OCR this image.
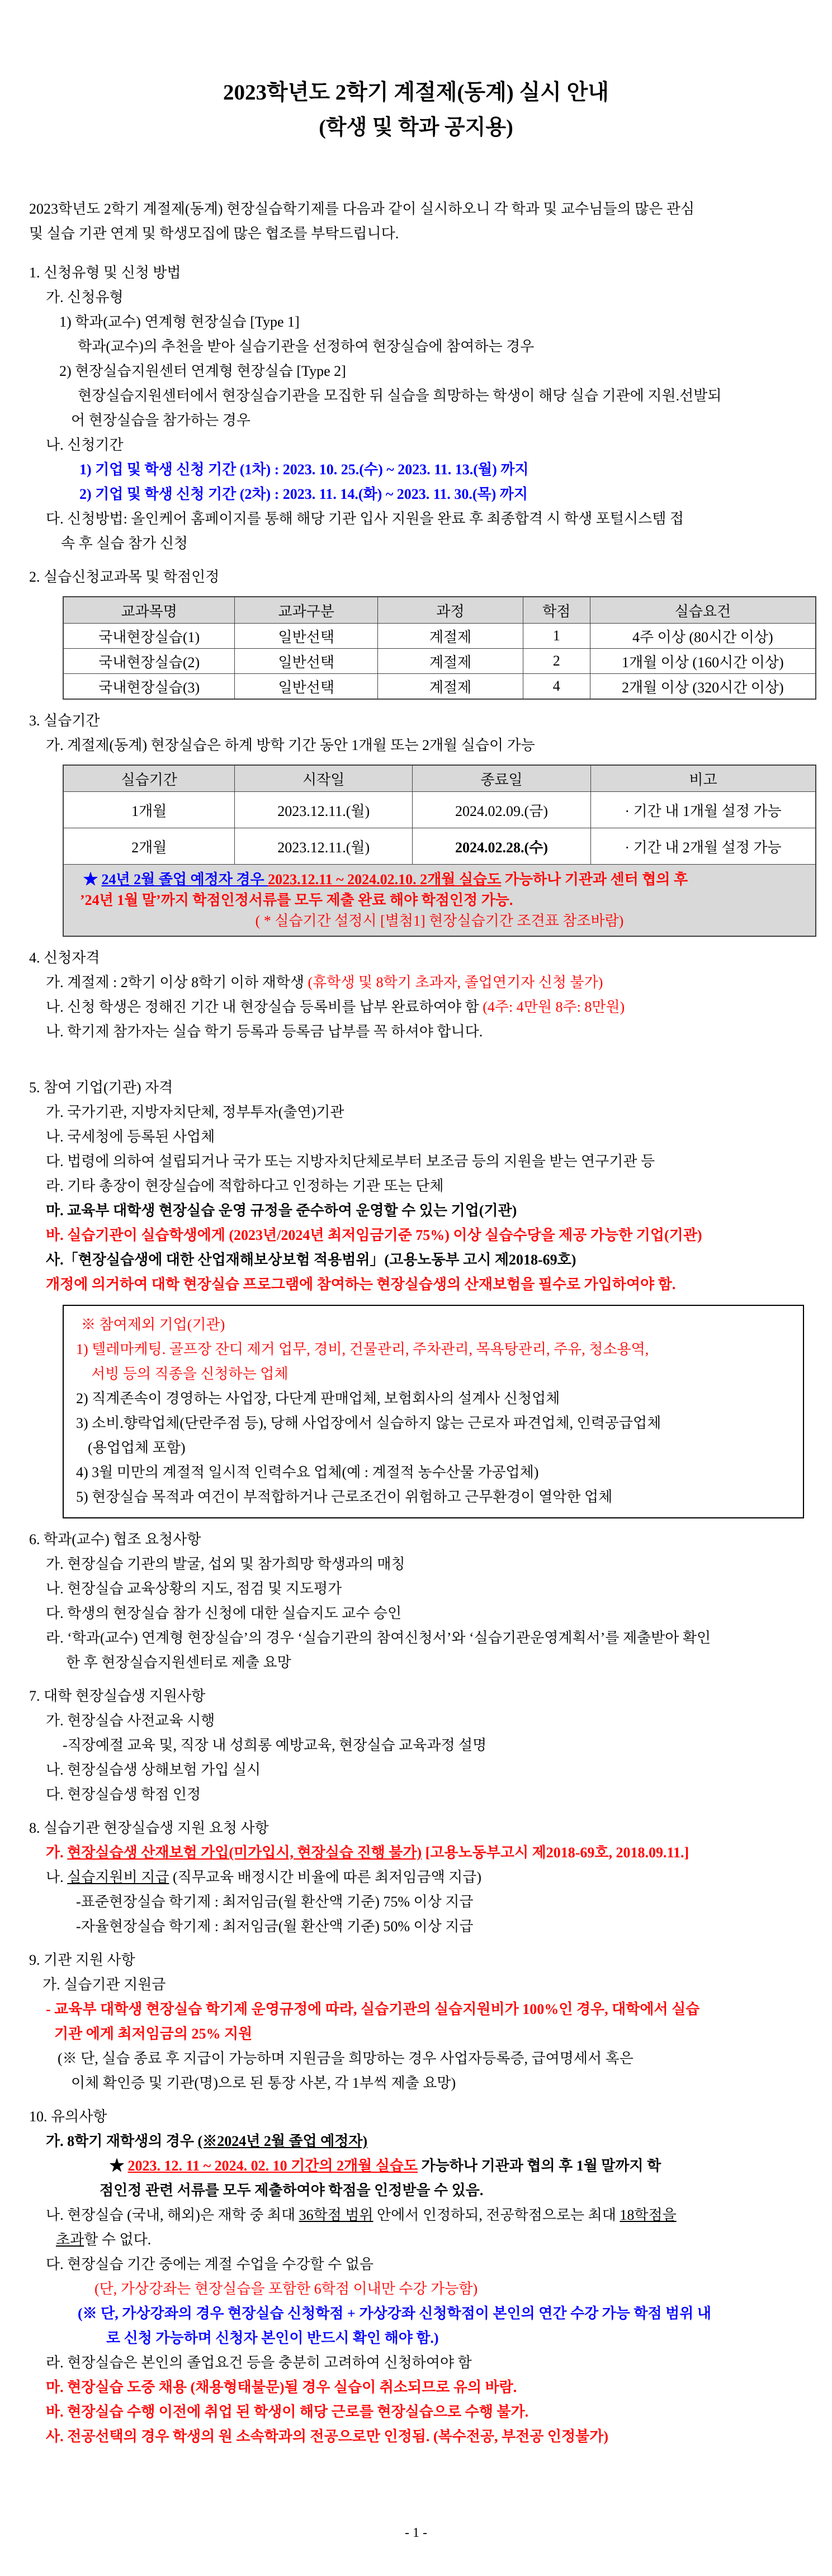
2023학년도 2학기 계절제(동계) 실시 안내
(학생 및 학과 공지용)
2023학년도 2학기 계절제(동계) 현장실습학기제를 다음과 같이 실시하오니 각 학과 및 교수님들의 많은 관심
및 실습 기관 연계 및 학생모집에 많은 협조를 부탁드립니다.
1. 신청유형 및 신청 방법
가. 신청유형
1) 학과(교수) 연계형 현장실습 [Type 1]
학과(교수)의 추천을 받아 실습기관을 선정하여 현장실습에 참여하는 경우
2) 현장실습지원센터 연계형 현장실습 [Type 2]
현장실습지원센터에서 현장실습기관을 모집한 뒤 실습을 희망하는 학생이 해당 실습 기관에 지원.선발되
어 현장실습을 참가하는 경우
나. 신청기간
1) 기업 및 학생 신청 기간 (1차) : 2023. 10. 25.(수) ~ 2023. 11. 13.(월) 까지
2) 기업 및 학생 신청 기간 (2차) : 2023. 11. 14.(화) ~ 2023. 11. 30.(목) 까지
다. 신청방법: 올인케어 홈페이지를 통해 해당 기관 입사 지원을 완료 후 최종합격 시 학생 포털시스템 접
속 후 실습 참가 신청
2. 실습신청교과목 및 학점인정
교과목명	교과구분	과정	학점	실습요건
국내현장실습(1)	일반선택	계절제	1	4주 이상 (80시간 이상)
국내현장실습(2)	일반선택	계절제	2	1개월 이상 (160시간 이상)
국내현장실습(3)	일반선택	계절제	4	2개월 이상 (320시간 이상)
3. 실습기간
가. 계절제(동계) 현장실습은 하계 방학 기간 동안 1개월 또는 2개월 실습이 가능
실습기간	시작일	종료일	비고
1개월	2023.12.11.(월)	2024.02.09.(금)	· 기간 내 1개월 설정 가능
2개월	2023.12.11.(월)	2024.02.28.(수)	· 기간 내 2개월 설정 가능

★ 24년 2월 졸업 예정자 경우 2023.12.11 ~ 2024.02.10. 2개월 실습도 가능하나 기관과 센터 협의 후
’24년 1월 말’까지 학점인정서류를 모두 제출 완료 해야 학점인정 가능.
( * 실습기간 설정시 [별첨1] 현장실습기간 조견표 참조바람)			
4. 신청자격
가. 계절제 : 2학기 이상 8학기 이하 재학생 (휴학생 및 8학기 초과자, 졸업연기자 신청 불가)
나. 신청 학생은 정해진 기간 내 현장실습 등록비를 납부 완료하여야 함 (4주: 4만원 8주: 8만원)
나. 학기제 참가자는 실습 학기 등록과 등록금 납부를 꼭 하셔야 합니다.
5. 참여 기업(기관) 자격
가. 국가기관, 지방자치단체, 정부투자(출연)기관
나. 국세청에 등록된 사업체
다. 법령에 의하여 설립되거나 국가 또는 지방자치단체로부터 보조금 등의 지원을 받는 연구기관 등
라. 기타 총장이 현장실습에 적합하다고 인정하는 기관 또는 단체
마. 교육부 대학생 현장실습 운영 규정을 준수하여 운영할 수 있는 기업(기관)
바. 실습기관이 실습학생에게 (2023년/2024년 최저임금기준 75%) 이상 실습수당을 제공 가능한 기업(기관)
사.「현장실습생에 대한 산업재해보상보험 적용범위」(고용노동부 고시 제2018-69호)
개정에 의거하여 대학 현장실습 프로그램에 참여하는 현장실습생의 산재보험을 필수로 가입하여야 함.
※ 참여제외 기업(기관)
1) 텔레마케팅. 골프장 잔디 제거 업무, 경비, 건물관리, 주차관리, 목욕탕관리, 주유, 청소용역,
서빙 등의 직종을 신청하는 업체
2) 직계존속이 경영하는 사업장, 다단계 판매업체, 보험회사의 설계사 신청업체
3) 소비.향락업체(단란주점 등), 당해 사업장에서 실습하지 않는 근로자 파견업체, 인력공급업체
(용업업체 포함)
4) 3월 미만의 계절적 일시적 인력수요 업체(예 : 계절적 농수산물 가공업체)
5) 현장실습 목적과 여건이 부적합하거나 근로조건이 위험하고 근무환경이 열악한 업체
6. 학과(교수) 협조 요청사항
가. 현장실습 기관의 발굴, 섭외 및 참가희망 학생과의 매칭
나. 현장실습 교육상황의 지도, 점검 및 지도평가
다. 학생의 현장실습 참가 신청에 대한 실습지도 교수 승인
라. ‘학과(교수) 연계형 현장실습’의 경우 ‘실습기관의 참여신청서’와 ‘실습기관운영계획서’를 제출받아 확인
한 후 현장실습지원센터로 제출 요망
7. 대학 현장실습생 지원사항
가. 현장실습 사전교육 시행
-직장예절 교육 및, 직장 내 성희롱 예방교육, 현장실습 교육과정 설명
나. 현장실습생 상해보험 가입 실시
다. 현장실습생 학점 인정
8. 실습기관 현장실습생 지원 요청 사항
가. 현장실습생 산재보험 가입(미가입시, 현장실습 진행 불가) [고용노동부고시 제2018-69호, 2018.09.11.]
나. 실습지원비 지급 (직무교육 배정시간 비율에 따른 최저임금액 지급)
-표준현장실습 학기제 : 최저임금(월 환산액 기준) 75% 이상 지급
-자율현장실습 학기제 : 최저임금(월 환산액 기준) 50% 이상 지급
9. 기관 지원 사항
가. 실습기관 지원금
- 교육부 대학생 현장실습 학기제 운영규정에 따라, 실습기관의 실습지원비가 100%인 경우, 대학에서 실습
기관 에게 최저임금의 25% 지원
(※ 단, 실습 종료 후 지급이 가능하며 지원금을 희망하는 경우 사업자등록증, 급여명세서 혹은
이체 확인증 및 기관(명)으로 된 통장 사본, 각 1부씩 제출 요망)
10. 유의사항
가. 8학기 재학생의 경우 (※2024년 2월 졸업 예정자)
★ 2023. 12. 11 ~ 2024. 02. 10 기간의 2개월 실습도 가능하나 기관과 협의 후 1월 말까지 학
점인정 관련 서류를 모두 제출하여야 학점을 인정받을 수 있음.
나. 현장실습 (국내, 해외)은 재학 중 최대 36학점 범위 안에서 인정하되, 전공학점으로는 최대 18학점을
초과할 수 없다.
다. 현장실습 기간 중에는 계절 수업을 수강할 수 없음
(단, 가상강좌는 현장실습을 포함한 6학점 이내만 수강 가능함)
(※ 단, 가상강좌의 경우 현장실습 신청학점 + 가상강좌 신청학점이 본인의 연간 수강 가능 학점 범위 내
로 신청 가능하며 신청자 본인이 반드시 확인 해야 함.)
라. 현장실습은 본인의 졸업요건 등을 충분히 고려하여 신청하여야 함
마. 현장실습 도중 채용 (채용형태불문)될 경우 실습이 취소되므로 유의 바람.
바. 현장실습 수행 이전에 취업 된 학생이 해당 근로를 현장실습으로 수행 불가.
사. 전공선택의 경우 학생의 원 소속학과의 전공으로만 인정됨. (복수전공, 부전공 인정불가)
- 1 -
